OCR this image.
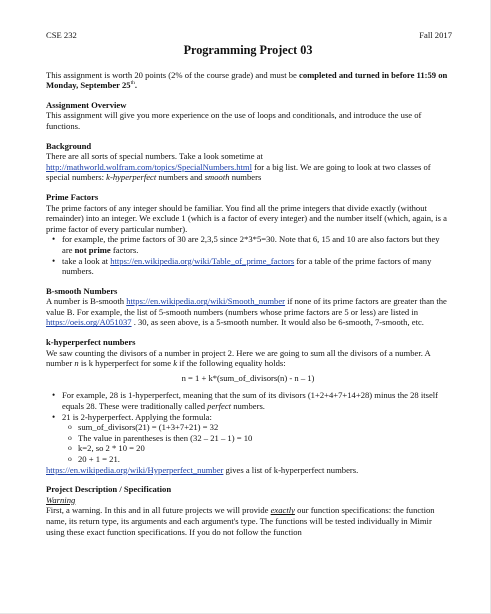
CSE 232	Fall 2017
Programming Project 03

This assignment is worth 20 points (2% of the course grade) and must be completed and turned in before 11:59 on Monday, September 25th.

Assignment Overview

This assignment will give you more experience on the use of loops and conditionals, and introduce the use of functions.

Background

There are all sorts of special numbers. Take a look sometime at http://mathworld.wolfram.com/topics/SpecialNumbers.html for a big list. We are going to look at two classes of special numbers: k-hyperperfect numbers and smooth numbers

Prime Factors

The prime factors of any integer should be familiar. You find all the prime integers that divide exactly (without remainder) into an integer. We exclude 1 (which is a factor of every integer) and the number itself (which, again, is a prime factor of every particular number).

• for example, the prime factors of 30 are 2,3,5 since 2*3*5=30. Note that 6, 15 and 10 are also factors but they are not prime factors.
• take a look at https://en.wikipedia.org/wiki/Table_of_prime_factors for a table of the prime factors of many numbers.
B-smooth Numbers

A number is B-smooth https://en.wikipedia.org/wiki/Smooth_number if none of its prime factors are greater than the value B. For example, the list of 5-smooth numbers (numbers whose prime factors are 5 or less) are listed in https://oeis.org/A051037 . 30, as seen above, is a 5-smooth number. It would also be 6-smooth, 7-smooth, etc.

k-hyperperfect numbers

We saw counting the divisors of a number in project 2. Here we are going to sum all the divisors of a number. A number n is k hyperperfect for some k if the following equality holds:

n = 1 + k*(sum_of_divisors(n) - n – 1)
• For example, 28 is 1-hyperperfect, meaning that the sum of its divisors (1+2+4+7+14+28) minus the 28 itself equals 28. These were traditionally called perfect numbers.
• 21 is 2-hyperperfect. Applying the formula:
o sum_of_divisors(21) = (1+3+7+21) = 32
o The value in parentheses is then (32 – 21 – 1) = 10
o k=2, so 2 * 10 = 20
o 20 + 1 = 21.

https://en.wikipedia.org/wiki/Hyperperfect_number gives a list of k-hyperperfect numbers.

Project Description / Specification

Warning

First, a warning. In this and in all future projects we will provide exactly our function specifications: the function name, its return type, its arguments and each argument's type. The functions will be tested individually in Mimir using these exact function specifications. If you do not follow the function
